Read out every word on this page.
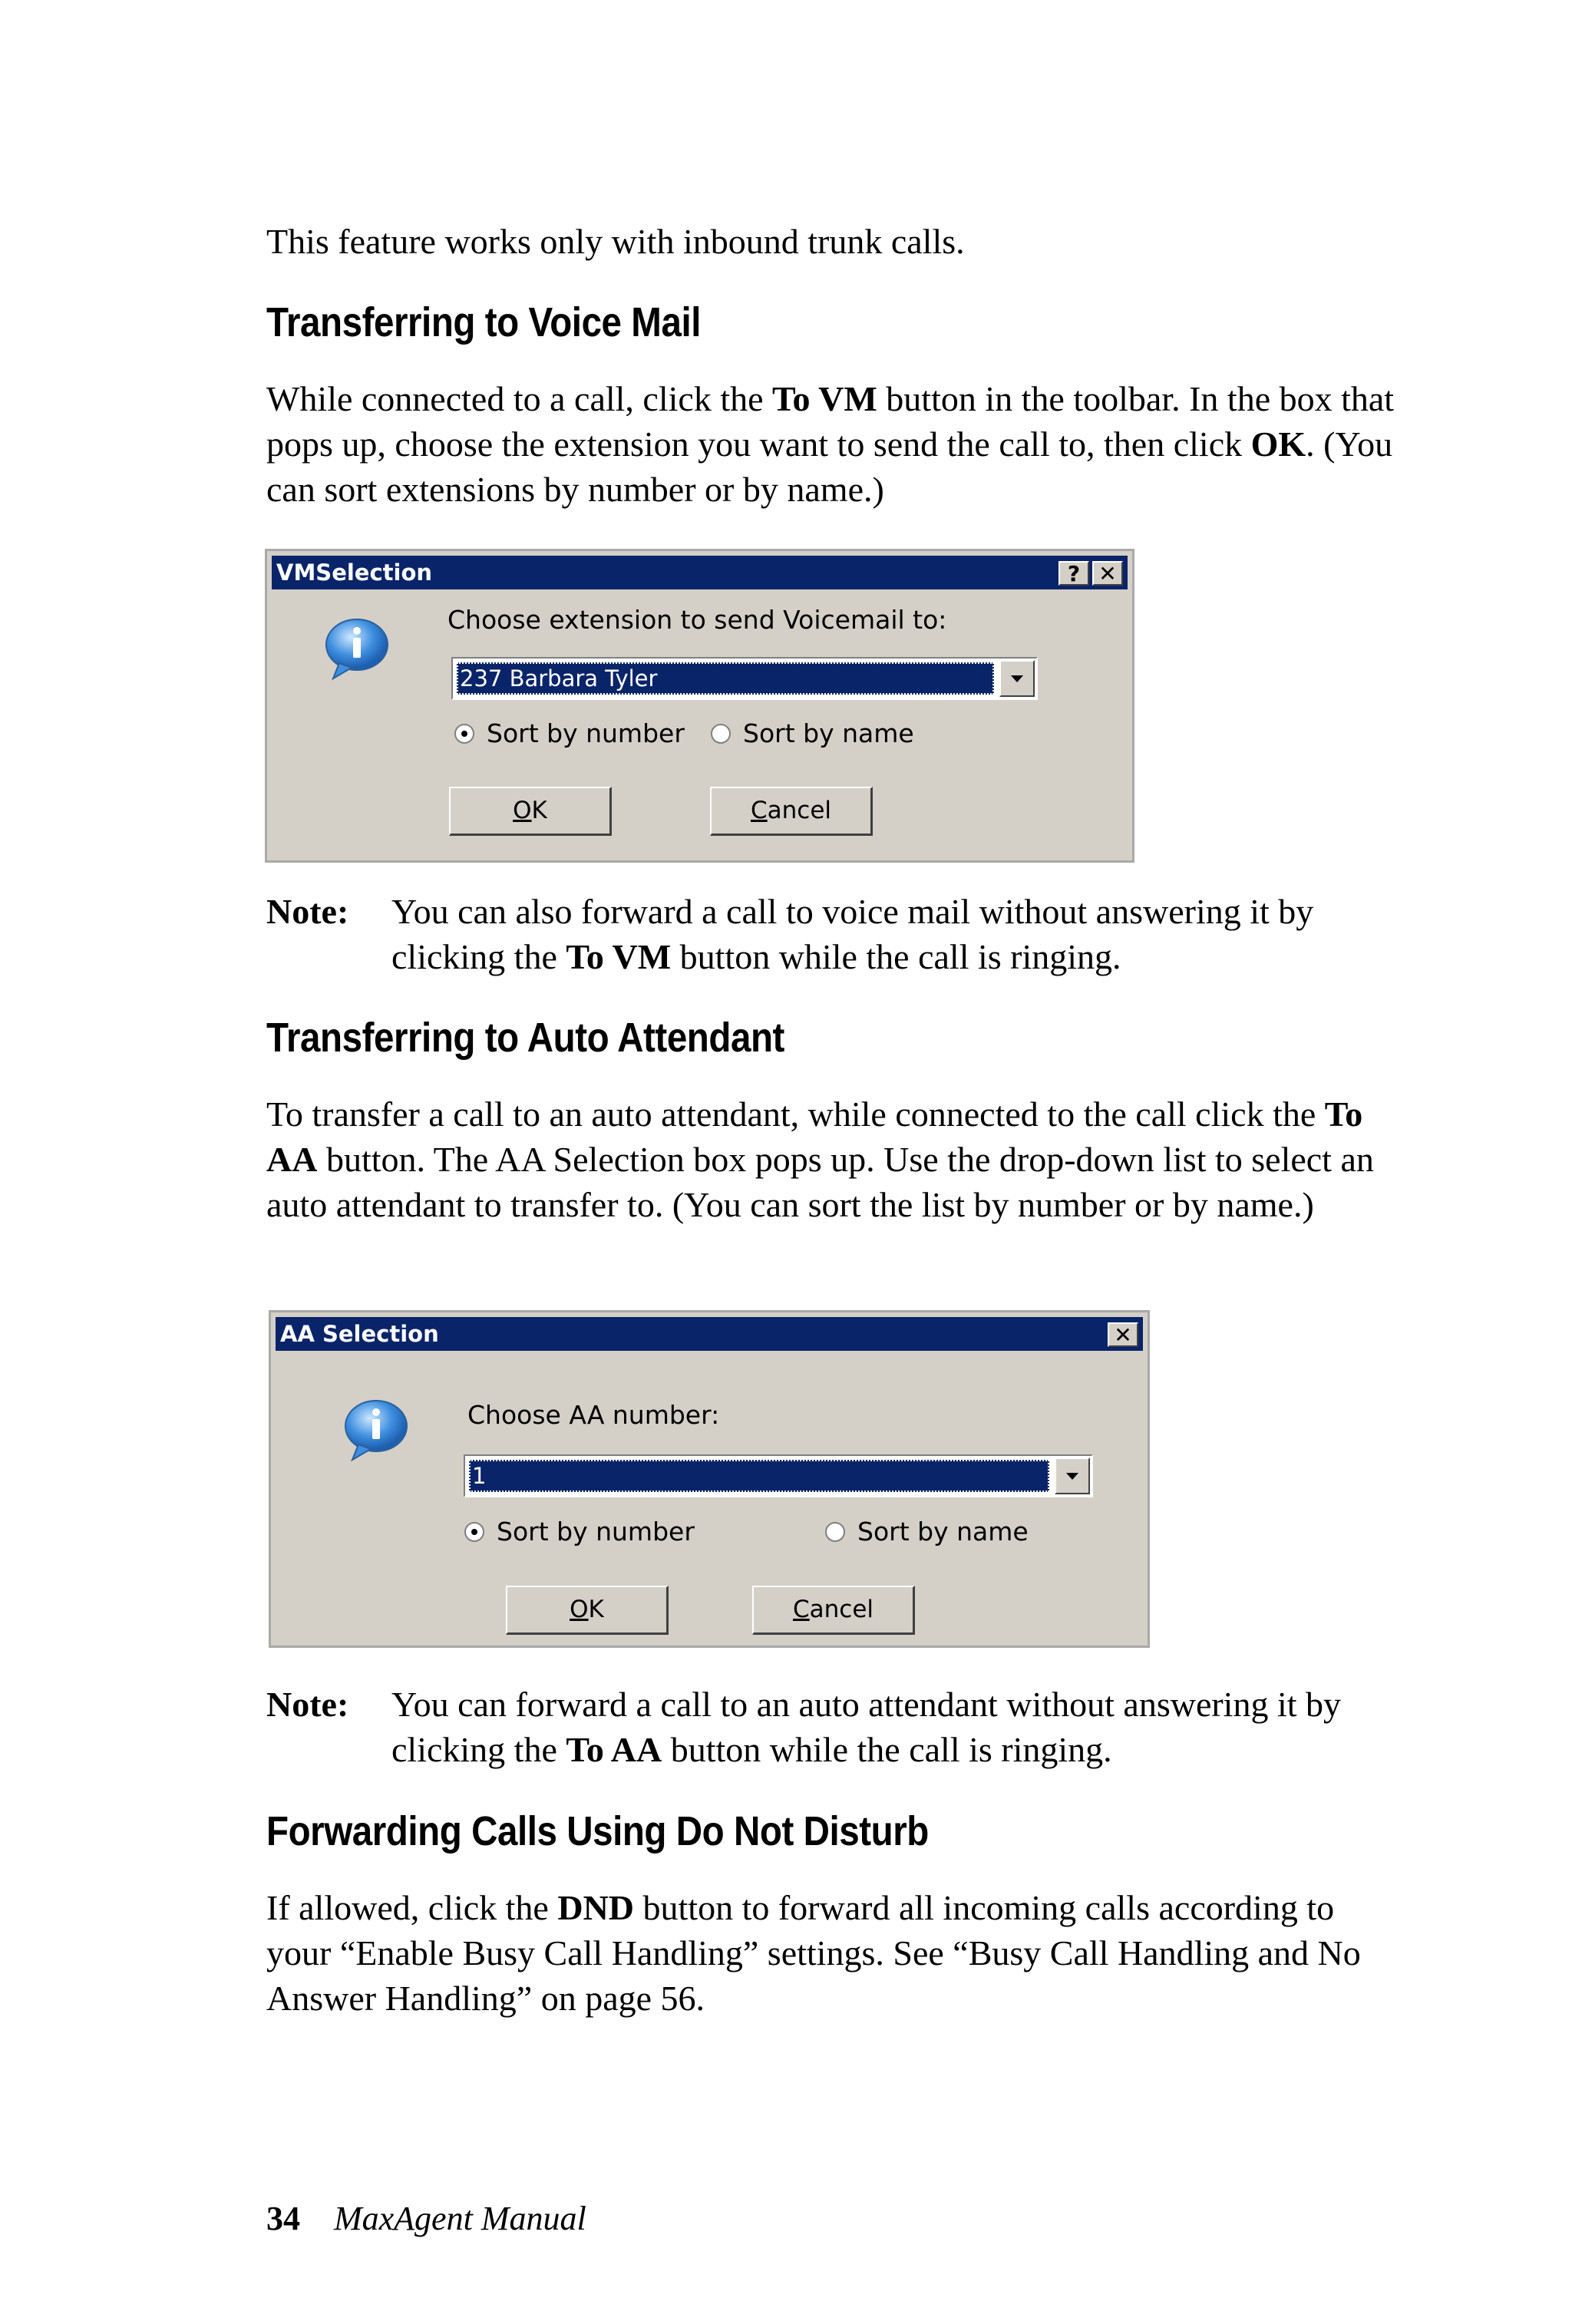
This feature works only with inbound trunk calls.
Transferring to Voice Mail
While connected to a call, click the To VM button in the toolbar. In the box that pops up, choose the extension you want to send the call to, then click OK. (You can sort extensions by number or by name.)
VMSelection	? ✕
Choose extension to send Voicemail to:
237 Barbara Tyler
Sort by number Sort by name
OK	Cancel
Note: You can also forward a call to voice mail without answering it by clicking the To VM button while the call is ringing.
Transferring to Auto Attendant
To transfer a call to an auto attendant, while connected to the call click the To AA button. The AA Selection box pops up. Use the drop-down list to select an auto attendant to transfer to. (You can sort the list by number or by name.)
AA Selection	✕
Choose AA number:
1
Sort by number	Sort by name
OK	Cancel
Note: You can forward a call to an auto attendant without answering it by clicking the To AA button while the call is ringing.
Forwarding Calls Using Do Not Disturb
If allowed, click the DND button to forward all incoming calls according to your “Enable Busy Call Handling” settings. See “Busy Call Handling and No Answer Handling” on page 56.
34 MaxAgent Manual
